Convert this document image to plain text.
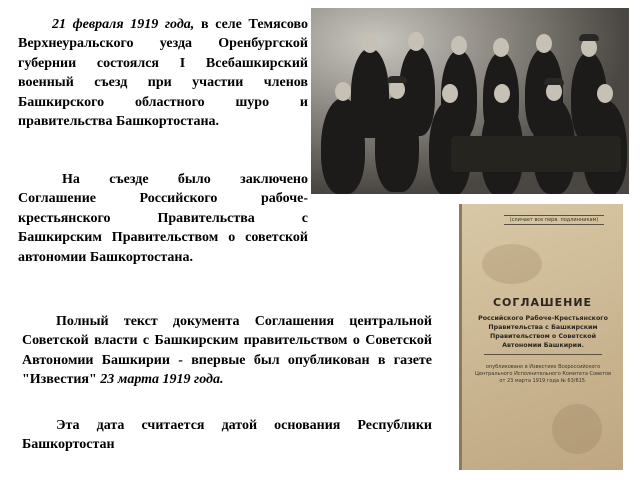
21 февраля 1919 года, в селе Темясово Верхнеуральского уезда Оренбургской губернии состоялся I Всебашкирский военный съезд при участии членов Башкирского областного шуро и правительства Башкортостана.

На съезде было заключено Соглашение Российского рабоче-крестьянского Правительства с Башкирским Правительством о советской автономии Башкортостана.

Полный текст документа Соглашения центральной Советской власти с Башкирским правительством о Советской Автономии Башкирии - впервые был опубликован в газете "Известия" 23 марта 1919 года.

Эта дата считается датой основания Республики Башкортостан

(сличает все перв. подлинникам)
СОГЛАШЕНИЕ
Российского Рабоче-Крестьянского Правительства с Башкирским Правительством о Советской Автономии Башкирии.
опубликовано в Известиях Всероссийского Центрального Исполнительного Комитета Советов от 23 марта 1919 года № 63/615.
